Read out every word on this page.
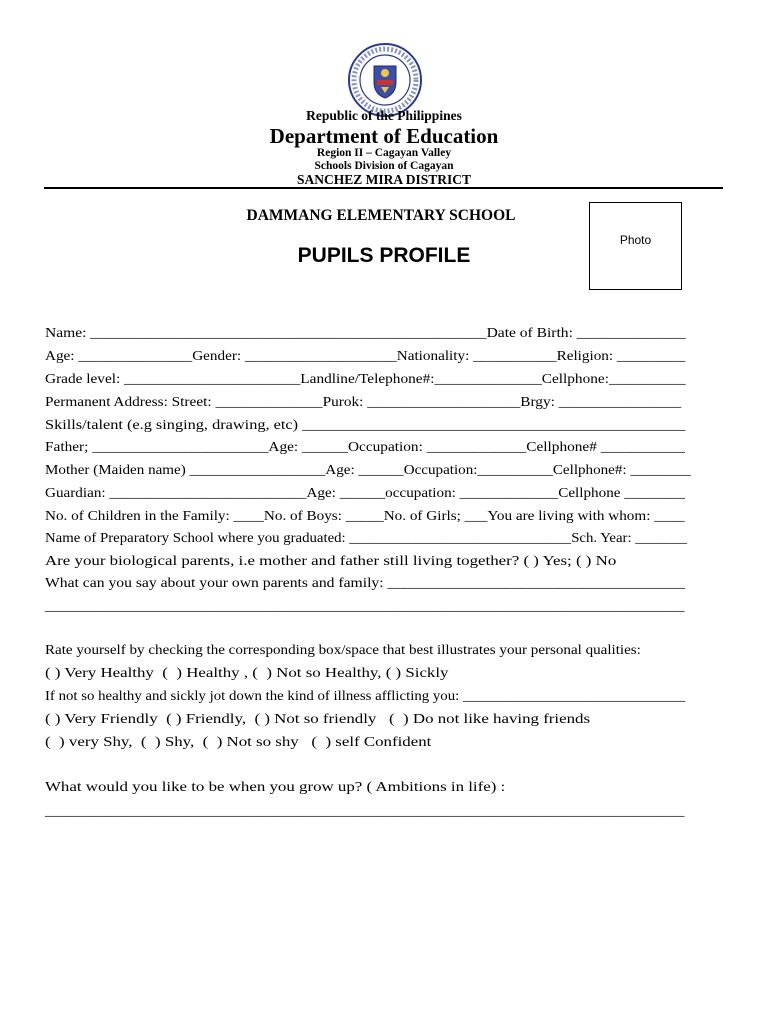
Republic of the Philippines
Department of Education
Region II – Cagayan Valley
Schools Division of Cagayan
SANCHEZ MIRA DISTRICT
DAMMANG ELEMENTARY SCHOOL
PUPILS PROFILE
Photo
Name: ___________________________________________________Date of Birth: ______________
Age: _______________Gender: ____________________Nationality: ___________Religion: _________
Grade level: _______________________Landline/Telephone#:______________Cellphone:__________
Permanent Address: Street: ______________Purok: ____________________Brgy: ________________
Skills/talent (e.g singing, drawing, etc) _______________________________________________
Father; _______________________Age: ______Occupation: _____________Cellphone# ___________
Mother (Maiden name) __________________Age: ______Occupation:__________Cellphone#: ________
Guardian: __________________________Age: ______occupation: _____________Cellphone ________
No. of Children in the Family: ____No. of Boys: _____No. of Girls; ___You are living with whom: ____
Name of Preparatory School where you graduated: ______________________________Sch. Year: _______
Are your biological parents, i.e mother and father still living together? ( ) Yes; ( ) No
What can you say about your own parents and family: ______________________________________
______________________________________________________________________________________
Rate yourself by checking the corresponding box/space that best illustrates your personal qualities:
( ) Very Healthy  (  ) Healthy , (  ) Not so Healthy, ( ) Sickly
If not so healthy and sickly jot down the kind of illness afflicting you: ______________________________
( ) Very Friendly  ( ) Friendly,  ( ) Not so friendly   (  ) Do not like having friends
(  ) very Shy,  (  ) Shy,  (  ) Not so shy   (  ) self Confident
What would you like to be when you grow up? ( Ambitions in life) :
______________________________________________________________________________________
